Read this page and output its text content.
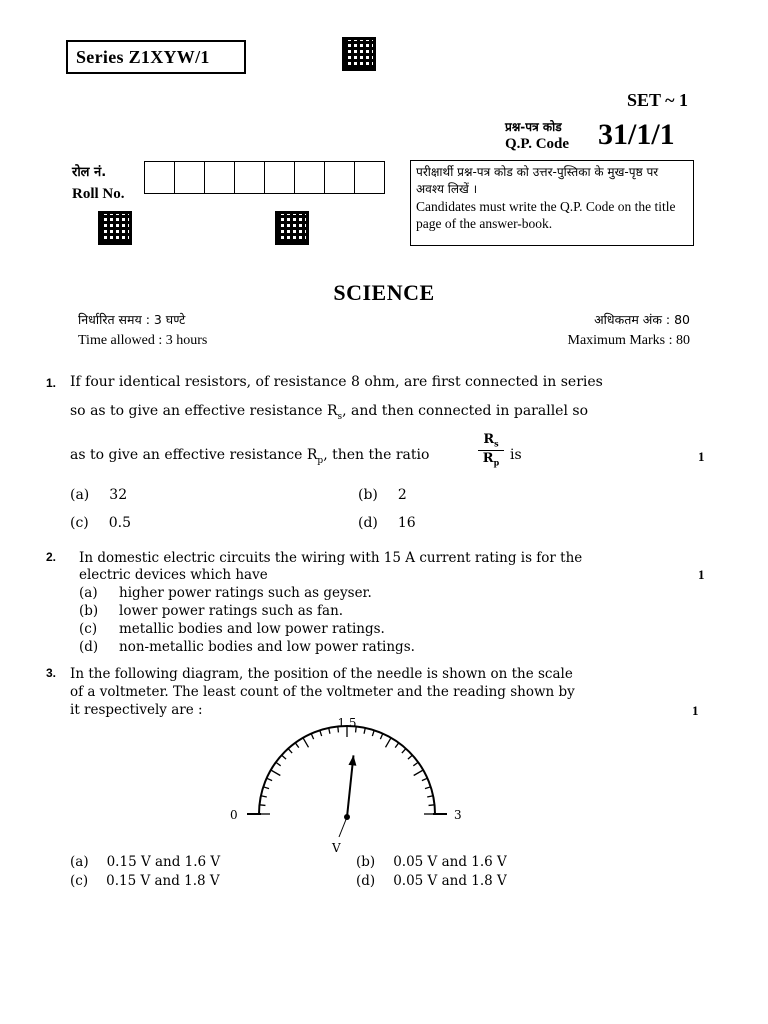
Series Z1XYW/1
SET ~ 1
प्रश्न-पत्र कोड
Q.P. Code 31/1/1
रोल नं.
Roll No.
परीक्षार्थी प्रश्न-पत्र कोड को उत्तर-पुस्तिका के मुख-पृष्ठ पर अवश्य लिखें ।
Candidates must write the Q.P. Code on the title page of the answer-book.
SCIENCE
निर्धारित समय : 3 घण्टे	अधिकतम अंक : 80
Time allowed : 3 hours	Maximum Marks : 80
1. If four identical resistors, of resistance 8 ohm, are first connected in series
so as to give an effective resistance $R_s$, and then connected in parallel so
as to give an effective resistance $R_p$, then the ratio
$R_s$
$R_p$ is	1
(a) 32	(b) 2
(c) 0.5	(d) 16
2. In domestic electric circuits the wiring with 15 A current rating is for the
electric devices which have	1
(a) higher power ratings such as geyser.
(b) lower power ratings such as fan.
(c) metallic bodies and low power ratings.
(d) non-metallic bodies and low power ratings.
3. In the following diagram, the position of the needle is shown on the scale
of a voltmeter. The least count of the voltmeter and the reading shown by
it respectively are :	1
1.5
0	3
V
(a) 0.15 V and 1.6 V	(b) 0.05 V and 1.6 V
(c) 0.15 V and 1.8 V	(d) 0.05 V and 1.8 V
